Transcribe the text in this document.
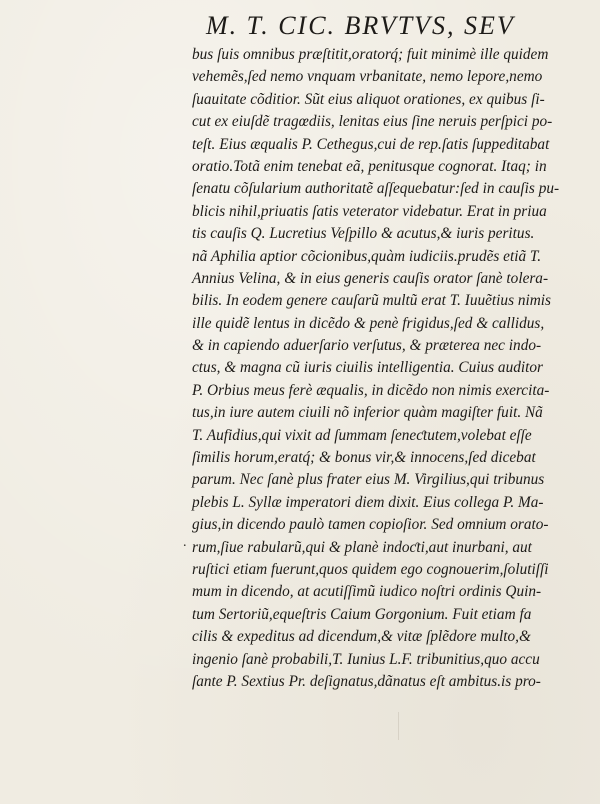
M. T. CIC. BRVTVS, SEV
bus ſuis omnibus præſtitit,oratorq́; fuit minimè ille quidem
vehemẽs,ſed nemo vnquam vrbanitate, nemo lepore,nemo
ſuauitate cõditior. Sũt eius aliquot orationes, ex quibus ſi-
cut ex eiuſdẽ tragœdiis, lenitas eius ſine neruis perſpici po-
teſt. Eius æqualis P. Cethegus,cui de rep.ſatis ſuppeditabat
oratio.Totã enim tenebat eã, penitusque cognorat. Itaq; in
ſenatu cõſularium authoritatẽ aſſequebatur:ſed in cauſis pu-
blicis nihil,priuatis ſatis veterator videbatur. Erat in priua
tis cauſis Q. Lucretius Veſpillo & acutus,& iuris peritus.
nã Aphilia aptior cõcionibus,quàm iudiciis.prudẽs etiã T.
Annius Velina, & in eius generis cauſis orator ſanè tolera-
bilis. In eodem genere cauſarũ multũ erat T. Iuuẽtius nimis
ille quidẽ lentus in dicẽdo & penè frigidus,ſed & callidus,
& in capiendo aduerſario verſutus, & præterea nec indo-
ctus, & magna cũ iuris ciuilis intelligentia. Cuius auditor
P. Orbius meus ferè æqualis, in dicẽdo non nimis exercita-
tus,in iure autem ciuili nõ inferior quàm magiſter fuit. Nã
T. Aufidius,qui vixit ad ſummam ſeneƈtutem,volebat eſſe
ſimilis horum,eratq́; & bonus vir,& innocens,ſed dicebat
parum. Nec ſanè plus frater eius M. Virgilius,qui tribunus
plebis L. Syllæ imperatori diem dixit. Eius collega P. Ma-
gius,in dicendo paulò tamen copioſior. Sed omnium orato-
rum,ſiue rabularũ,qui & planè indoƈti,aut inurbani, aut
ruſtici etiam fuerunt,quos quidem ego cognouerim,ſolutiſſi
mum in dicendo, at acutiſſimũ iudico noſtri ordinis Quin-
tum Sertoriũ,equeſtris Caium Gorgonium. Fuit etiam fa
cilis & expeditus ad dicendum,& vitæ ſplẽdore multo,&
ingenio ſanè probabili,T. Iunius L.F. tribunitius,quo accu
ſante P. Sextius Pr. deſignatus,dãnatus eſt ambitus.is pro-
.
